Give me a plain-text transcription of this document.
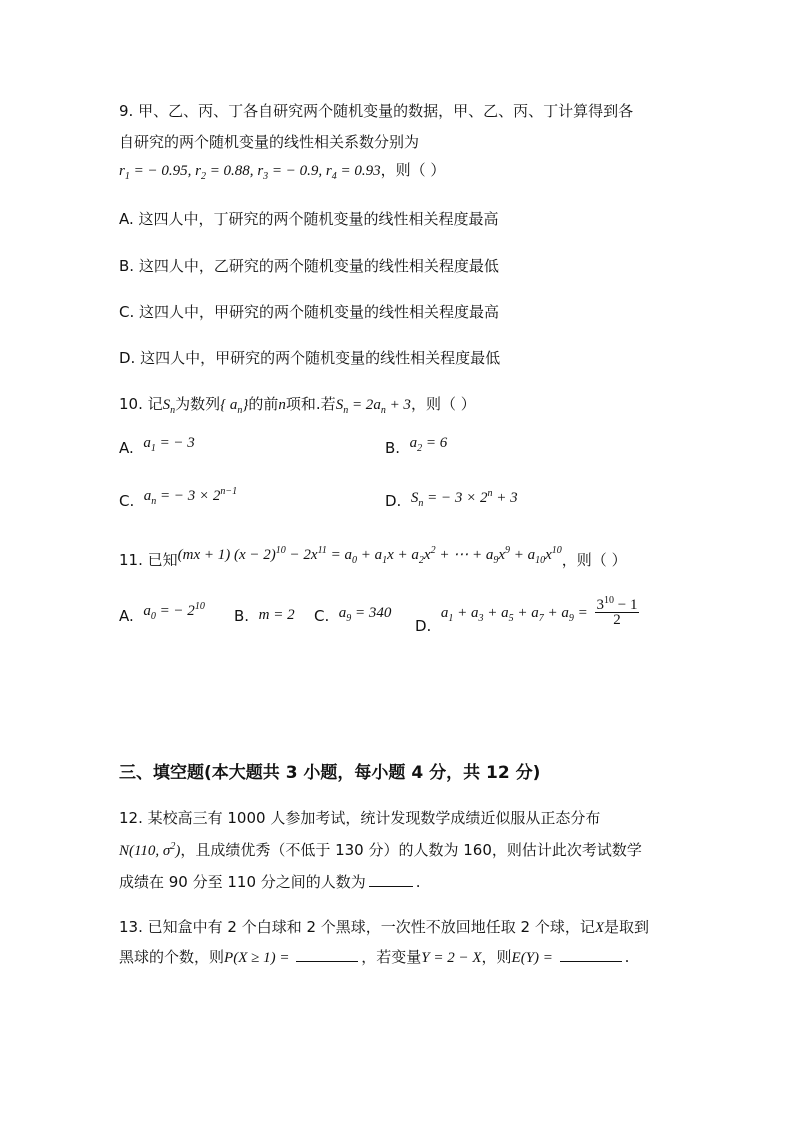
9. 甲、乙、丙、丁各自研究两个随机变量的数据，甲、乙、丙、丁计算得到各
自研究的两个随机变量的线性相关系数分别为
$r_1$ = − 0.95, $r_2 = 0.88$, $r_3$ = − 0.9, $r_4 = 0.93$，则（ ）
A. 这四人中，丁研究的两个随机变量的线性相关程度最高
B. 这四人中，乙研究的两个随机变量的线性相关程度最低
C. 这四人中，甲研究的两个随机变量的线性相关程度最高
D. 这四人中，甲研究的两个随机变量的线性相关程度最低
10. 记$S_n$为数列{ $a_n$}的前n项和.若$S_n = 2a_n + 3$，则（ ）
A. $a_1$ = − 3	B. $a_2 = 6$
C. $a_n$ = − $3 \times 2^{n-1}$
D. $S_n$ = − $3 \times 2^n + 3$
11. 已知(mx + 1) $(x - 2)^{10} - 2x^{11} = a_0 + a_1x + a_2x^2$ + ⋯ + $a_9x^9 + a_{10}x^{10}$，则（ ）
A. $a_0$ = − $2^{10}$
B. m = 2 C. $a_9 = 340$
D.  $a_1 + a_3 + a_5 + a_7 + a_9 = \frac{3^{10} - 1}{2}$
三、填空题(本大题共 3 小题，每小题 4 分，共 12 分)
12. 某校高三有 1000 人参加考试，统计发现数学成绩近似服从正态分布
N(110, $\sigma^2$)，且成绩优秀（不低于 130 分）的人数为 160，则估计此次考试数学
成绩在 90 分至 110 分之间的人数为	.
13. 已知盒中有 2 个白球和 2 个黑球，一次性不放回地任取 2 个球，记X是取到
黑球的个数，则P(X ≥ 1) =	，若变量Y = 2 − X，则E(Y) =	.
